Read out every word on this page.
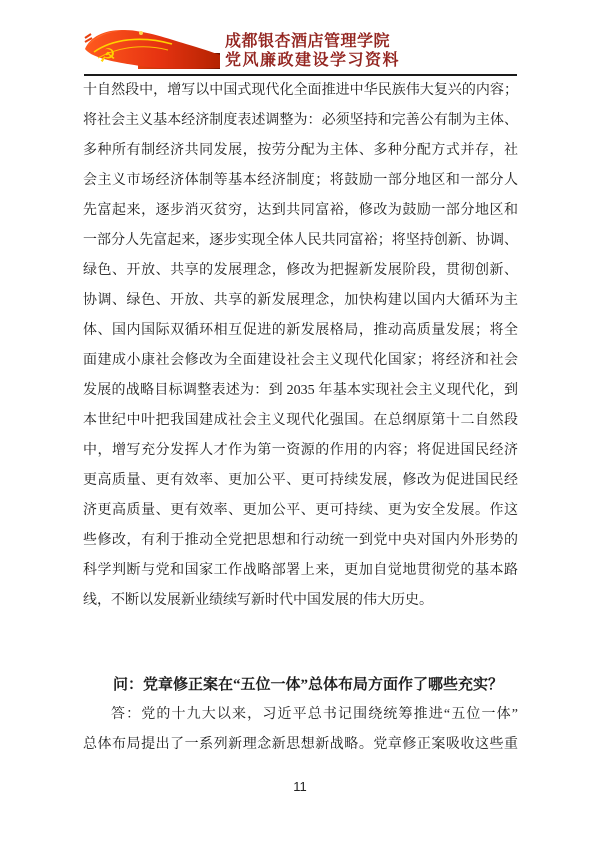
☭
成都银杏酒店管理学院
党风廉政建设学习资料
十自然段中，增写以中国式现代化全面推进中华民族伟大复兴的内容；
将社会主义基本经济制度表述调整为：必须坚持和完善公有制为主体、
多种所有制经济共同发展，按劳分配为主体、多种分配方式并存，社
会主义市场经济体制等基本经济制度；将鼓励一部分地区和一部分人
先富起来，逐步消灭贫穷，达到共同富裕，修改为鼓励一部分地区和
一部分人先富起来，逐步实现全体人民共同富裕；将坚持创新、协调、
绿色、开放、共享的发展理念，修改为把握新发展阶段，贯彻创新、
协调、绿色、开放、共享的新发展理念，加快构建以国内大循环为主
体、国内国际双循环相互促进的新发展格局，推动高质量发展；将全
面建成小康社会修改为全面建设社会主义现代化国家；将经济和社会
发展的战略目标调整表述为：到 2035 年基本实现社会主义现代化，到
本世纪中叶把我国建成社会主义现代化强国。在总纲原第十二自然段
中，增写充分发挥人才作为第一资源的作用的内容；将促进国民经济
更高质量、更有效率、更加公平、更可持续发展，修改为促进国民经
济更高质量、更有效率、更加公平、更可持续、更为安全发展。作这
些修改，有利于推动全党把思想和行动统一到党中央对国内外形势的
科学判断与党和国家工作战略部署上来，更加自觉地贯彻党的基本路
线，不断以发展新业绩续写新时代中国发展的伟大历史。
问：党章修正案在“五位一体”总体布局方面作了哪些充实？
答：党的十九大以来，习近平总书记围绕统筹推进“五位一体”
总体布局提出了一系列新理念新思想新战略。党章修正案吸收这些重
11
